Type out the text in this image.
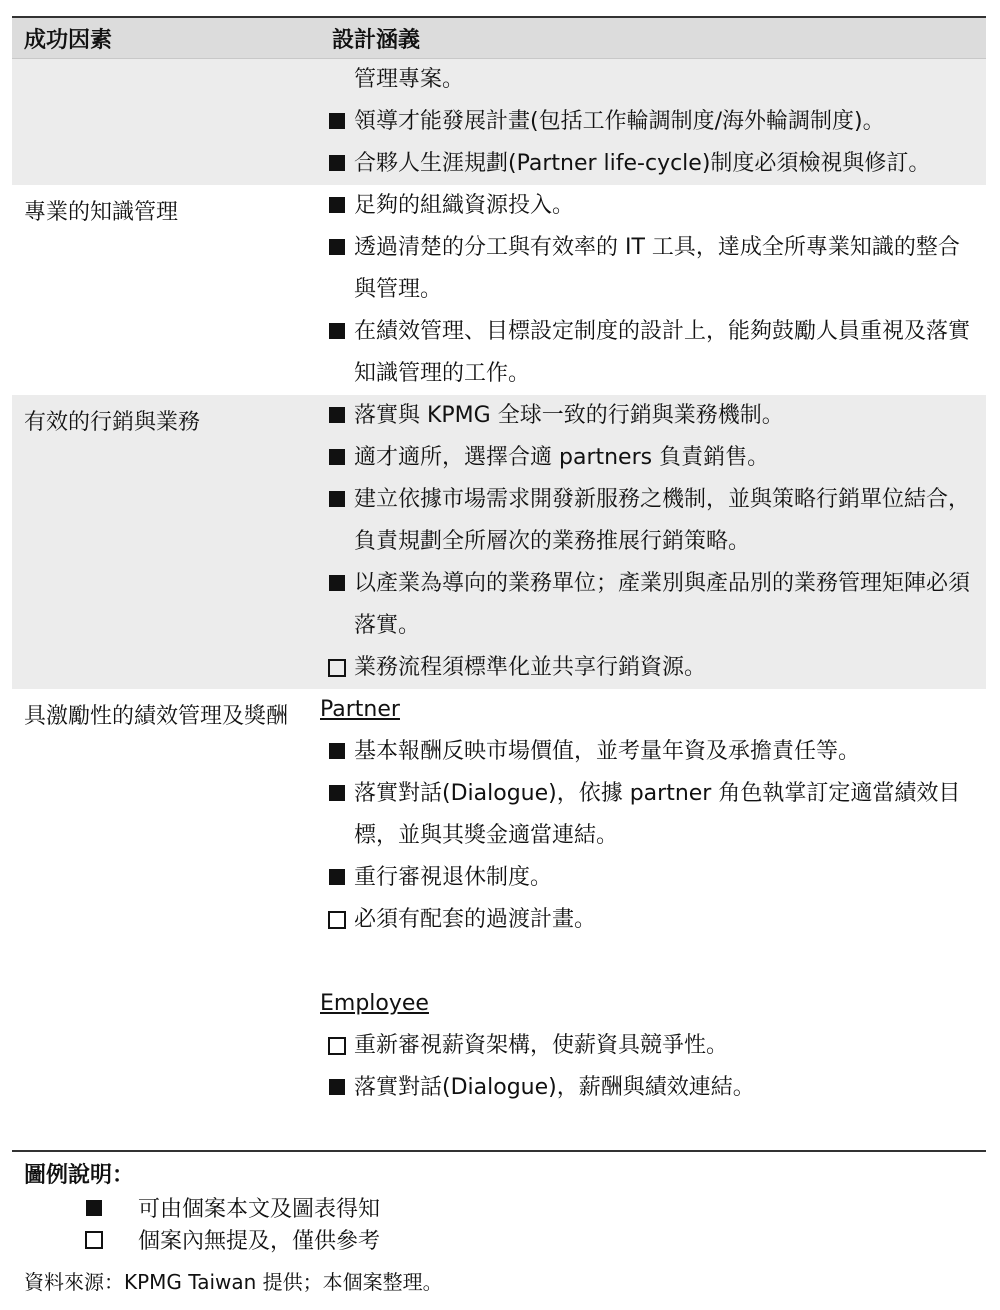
成功因素	設計涵義
管理專案。
領導才能發展計畫(包括工作輪調制度/海外輪調制度)。
合夥人生涯規劃(Partner life-cycle)制度必須檢視與修訂。
專業的知識管理	足夠的組織資源投入。
透過清楚的分工與有效率的 IT 工具，達成全所專業知識的整合與管理。
在績效管理、目標設定制度的設計上，能夠鼓勵人員重視及落實知識管理的工作。
有效的行銷與業務	落實與 KPMG 全球一致的行銷與業務機制。
適才適所，選擇合適 partners 負責銷售。
建立依據市場需求開發新服務之機制，並與策略行銷單位結合，負責規劃全所層次的業務推展行銷策略。
以產業為導向的業務單位；產業別與產品別的業務管理矩陣必須落實。
業務流程須標準化並共享行銷資源。
具激勵性的績效管理及獎酬	Partner
基本報酬反映市場價值，並考量年資及承擔責任等。
落實對話(Dialogue)，依據 partner 角色執掌訂定適當績效目標，並與其獎金適當連結。
重行審視退休制度。
必須有配套的過渡計畫。
Employee
重新審視薪資架構，使薪資具競爭性。
落實對話(Dialogue)，薪酬與績效連結。
圖例說明：
可由個案本文及圖表得知
個案內無提及，僅供參考
資料來源：KPMG Taiwan 提供；本個案整理。
